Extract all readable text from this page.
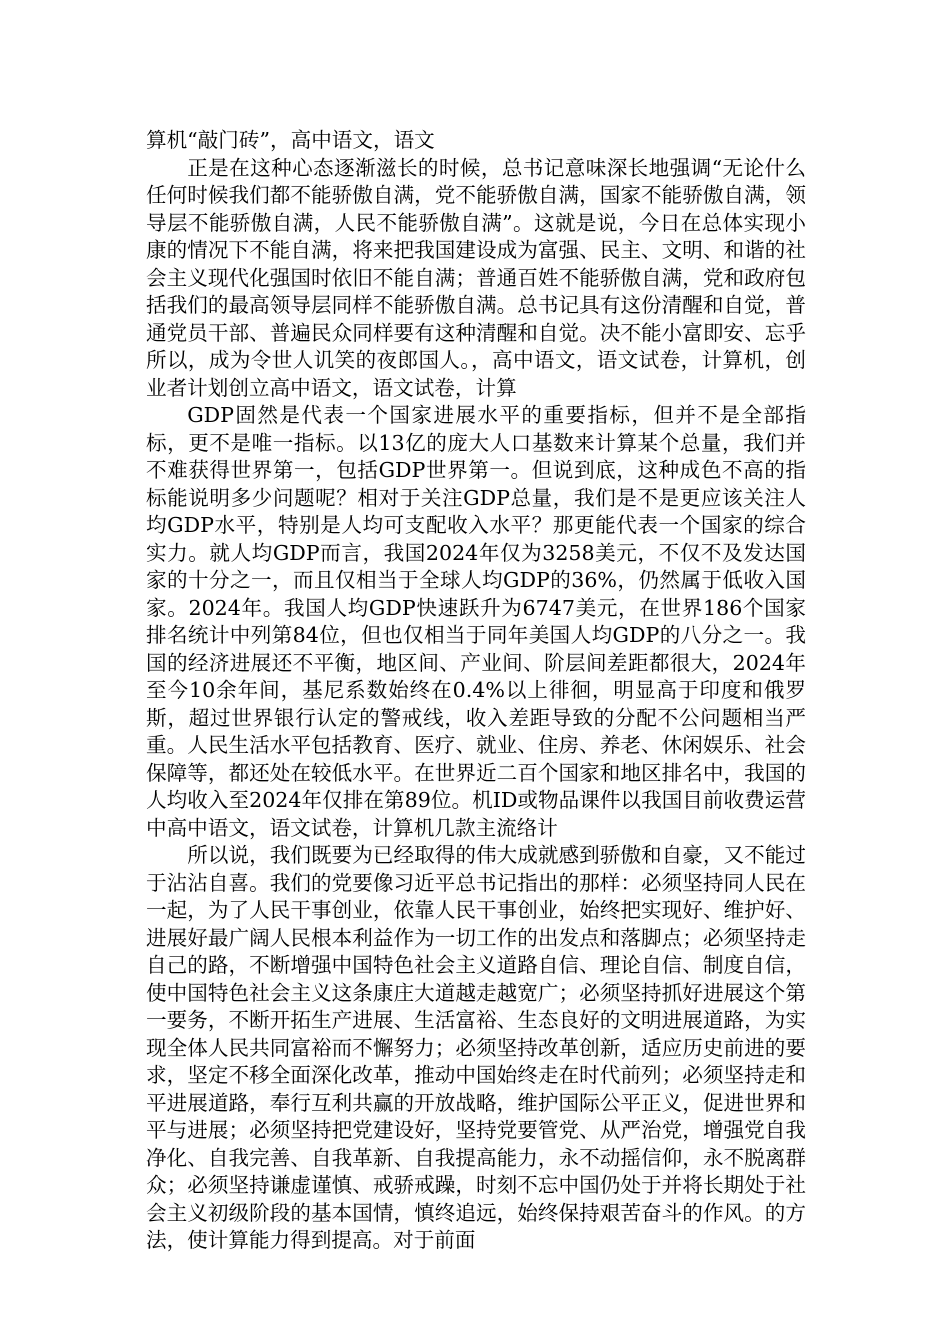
算机“敲门砖”，高中语文，语文

正是在这种心态逐渐滋长的时候，总书记意味深长地强调“无论什么任何时候我们都不能骄傲自满，党不能骄傲自满，国家不能骄傲自满，领导层不能骄傲自满，人民不能骄傲自满”。这就是说，今日在总体实现小康的情况下不能自满，将来把我国建设成为富强、民主、文明、和谐的社会主义现代化强国时依旧不能自满；普通百姓不能骄傲自满，党和政府包括我们的最高领导层同样不能骄傲自满。总书记具有这份清醒和自觉，普通党员干部、普遍民众同样要有这种清醒和自觉。决不能小富即安、忘乎所以，成为令世人讥笑的夜郎国人。，高中语文，语文试卷，计算机，创业者计划创立高中语文，语文试卷，计算

GDP固然是代表一个国家进展水平的重要指标，但并不是全部指标，更不是唯一指标。以13亿的庞大人口基数来计算某个总量，我们并不难获得世界第一，包括GDP世界第一。但说到底，这种成色不高的指标能说明多少问题呢？相对于关注GDP总量，我们是不是更应该关注人均GDP水平，特别是人均可支配收入水平？那更能代表一个国家的综合实力。就人均GDP而言，我国2024年仅为3258美元，不仅不及发达国家的十分之一，而且仅相当于全球人均GDP的36%，仍然属于低收入国家。2024年。我国人均GDP快速跃升为6747美元，在世界186个国家排名统计中列第84位，但也仅相当于同年美国人均GDP的八分之一。我国的经济进展还不平衡，地区间、产业间、阶层间差距都很大，2024年至今10余年间，基尼系数始终在0.4%以上徘徊，明显高于印度和俄罗斯，超过世界银行认定的警戒线，收入差距导致的分配不公问题相当严重。人民生活水平包括教育、医疗、就业、住房、养老、休闲娱乐、社会保障等，都还处在较低水平。在世界近二百个国家和地区排名中，我国的人均收入至2024年仅排在第89位。机ID或物品课件以我国目前收费运营中高中语文，语文试卷，计算机几款主流络计

所以说，我们既要为已经取得的伟大成就感到骄傲和自豪，又不能过于沾沾自喜。我们的党要像习近平总书记指出的那样：必须坚持同人民在一起，为了人民干事创业，依靠人民干事创业，始终把实现好、维护好、进展好最广阔人民根本利益作为一切工作的出发点和落脚点；必须坚持走自己的路，不断增强中国特色社会主义道路自信、理论自信、制度自信，使中国特色社会主义这条康庄大道越走越宽广；必须坚持抓好进展这个第一要务，不断开拓生产进展、生活富裕、生态良好的文明进展道路，为实现全体人民共同富裕而不懈努力；必须坚持改革创新，适应历史前进的要求，坚定不移全面深化改革，推动中国始终走在时代前列；必须坚持走和平进展道路，奉行互利共赢的开放战略，维护国际公平正义，促进世界和平与进展；必须坚持把党建设好，坚持党要管党、从严治党，增强党自我净化、自我完善、自我革新、自我提高能力，永不动摇信仰，永不脱离群众；必须坚持谦虚谨慎、戒骄戒躁，时刻不忘中国仍处于并将长期处于社会主义初级阶段的基本国情，慎终追远，始终保持艰苦奋斗的作风。的方法，使计算能力得到提高。对于前面
